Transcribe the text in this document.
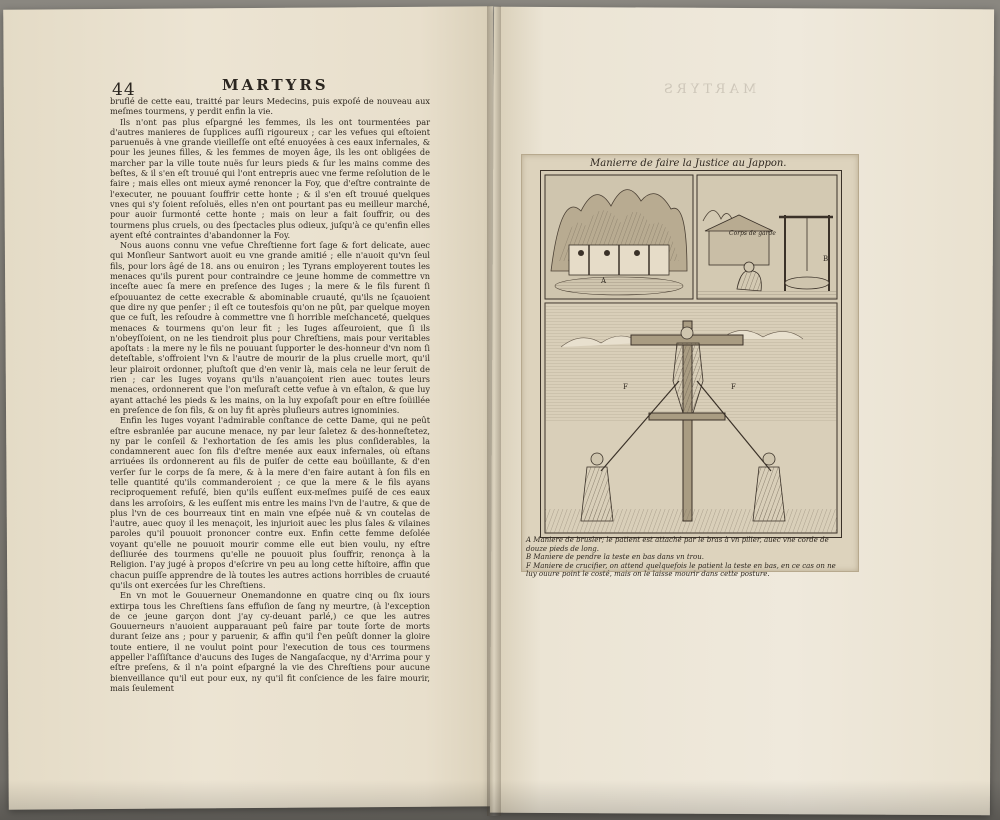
44	MARTYRS

bruflé de cette eau, traitté par leurs Medecins, puis expoſé de nouveau aux meſmes tourmens, y perdit enfin la vie.

Ils n'ont pas plus eſpargné les femmes, ils les ont tourmentées par d'autres manieres de ſupplices auſſi rigoureux ; car les vefues qui eſtoient paruenuës à vne grande vieilleſſe ont eſté enuoyées à ces eaux infernales, & pour les jeunes filles, & les femmes de moyen âge, ils les ont obligées de marcher par la ville toute nuës ſur leurs pieds & ſur les mains comme des beſtes, & il s'en eſt trouué qui l'ont entrepris auec vne ferme reſolution de le faire ; mais elles ont mieux aymé renoncer la Foy, que d'eſtre contrainte de l'executer, ne pouuant ſouffrir cette honte ; & il s'en eſt trouué quelques vnes qui s'y ſoient reſoluës, elles n'en ont pourtant pas eu meilleur marché, pour auoir ſurmonté cette honte ; mais on leur a fait ſouffrir, ou des tourmens plus cruels, ou des ſpectacles plus odieux, juſqu'à ce qu'enfin elles ayent eſté contraintes d'abandonner la Foy.

Nous auons connu vne vefue Chreſtienne fort ſage & fort delicate, auec qui Monſieur Santwort auoit eu vne grande amitié ; elle n'auoit qu'vn ſeul fils, pour lors âgé de 18. ans ou enuiron ; les Tyrans employerent toutes les menaces qu'ils purent pour contraindre ce jeune homme de commettre vn inceſte auec ſa mere en preſence des Iuges ; la mere & le fils furent ſi eſpouuantez de cette execrable & abominable cruauté, qu'ils ne ſçauoient que dire ny que penſer ; il eſt ce toutesfois qu'on ne pût, par quelque moyen que ce fuſt, les reſoudre à commettre vne ſi horrible meſchanceté, quelques menaces & tourmens qu'on leur fit ; les Iuges aſſeuroient, que ſi ils n'obeyſſoient, on ne les tiendroit plus pour Chreſtiens, mais pour veritables apoſtats : la mere ny le fils ne pouuant ſupporter le des-honneur d'vn nom ſi deteſtable, s'offroient l'vn & l'autre de mourir de la plus cruelle mort, qu'il leur plairoit ordonner, pluſtoſt que d'en venir là, mais cela ne leur ſeruit de rien ; car les Iuges voyans qu'ils n'auançoient rien auec toutes leurs menaces, ordonnerent que l'on meſuraſt cette vefue à vn eſtalon, & que luy ayant attaché les pieds & les mains, on la luy expoſaſt pour en eſtre ſoüillée en preſence de ſon fils, & on luy fit après pluſieurs autres ignominies.

Enfin les Iuges voyant l'admirable conſtance de cette Dame, qui ne peût eſtre esbranlée par aucune menace, ny par leur ſaletez & des-honneſtetez, ny par le conſeil & l'exhortation de ſes amis les plus conſiderables, la condamnerent auec ſon fils d'eſtre menée aux eaux infernales, où eſtans arriuées ils ordonnerent au fils de puiſer de cette eau boüillante, & d'en verſer ſur le corps de ſa mere, & à la mere d'en faire autant à ſon fils en telle quantité qu'ils commanderoient ; ce que la mere & le fils ayans reciproquement refuſé, bien qu'ils euſſent eux-meſmes puiſé de ces eaux dans les arroſoirs, & les euſſent mis entre les mains l'vn de l'autre, & que de plus l'vn de ces bourreaux tint en main vne eſpée nuë & vn coutelas de l'autre, auec quoy il les menaçoit, les injurioit auec les plus ſales & vilaines paroles qu'il pouuoit prononcer contre eux. Enfin cette femme deſolée voyant qu'elle ne pouuoit mourir comme elle eut bien voulu, ny eſtre deſliurée des tourmens qu'elle ne pouuoit plus ſouffrir, renonça à la Religion. I'ay jugé à propos d'eſcrire vn peu au long cette hiſtoire, affin que chacun puiſſe apprendre de là toutes les autres actions horribles de cruauté qu'ils ont exercées ſur les Chreſtiens.

En vn mot le Gouuerneur Onemandonne en quatre cinq ou ſix iours extirpa tous les Chreſtiens ſans effuſion de ſang ny meurtre, (à l'exception de ce jeune garçon dont j'ay cy-deuant parlé,) ce que les autres Gouuerneurs n'auoient aupparauant peû faire par toute ſorte de morts durant ſeize ans ; pour y paruenir, & affin qu'il ſ'en peûſt donner la gloire toute entiere, il ne voulut point pour l'execution de tous ces tourmens appeller l'aſſiſtance d'aucuns des Iuges de Nangaſacque, ny d'Arrima pour y eſtre preſens, & il n'a point eſpargné la vie des Chreſtiens pour aucune bienveillance qu'il eut pour eux, ny qu'il fit conſcience de les faire mourir, mais ſeulement

MARTYRS
Manierre de faire la Justice au Jappon.
A
Corps de garde
B
F	F
A Maniere de brusler; le patient est attaché par le bras à vn pilier, auec vne corde de douze pieds de long.
B Maniere de pendre la teste en bas dans vn trou.
F Maniere de crucifier, on attend quelquefois le patient la teste en bas, en ce cas on ne luy ouure point le costé, mais on le laisse mourir dans cette posture.
